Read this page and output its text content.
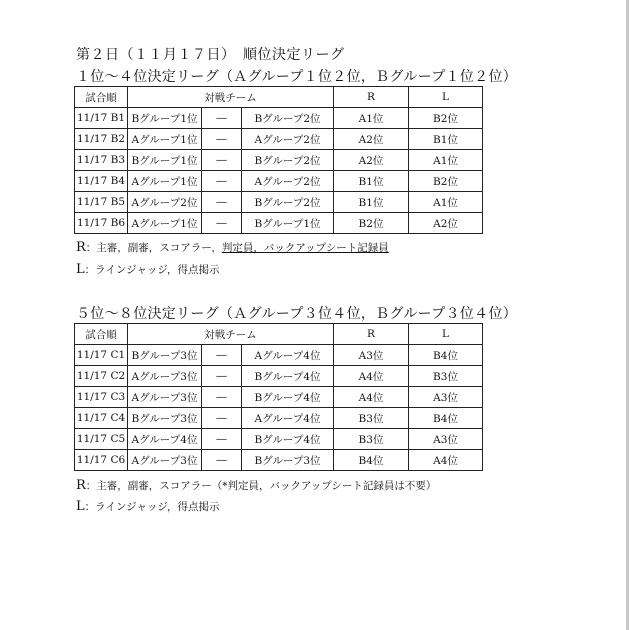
第２日（１１月１７日）　順位決定リーグ
１位～４位決定リーグ（Ａグループ１位２位，Ｂグループ１位２位）
試合順	対戦チーム			R	L
11/17 B1	Bグループ1位	―	Bグループ2位	A1位	B2位
11/17 B2	Aグループ1位	―	Aグループ2位	A2位	B1位
11/17 B3	Bグループ1位	―	Bグループ2位	A2位	A1位
11/17 B4	Aグループ1位	―	Aグループ2位	B1位	B2位
11/17 B5	Aグループ2位	―	Bグループ2位	B1位	A1位
11/17 B6	Aグループ1位	―	Bグループ1位	B2位	A2位
R：主審，副審，スコアラー，判定員，バックアップシート記録員
L：ラインジャッジ，得点掲示
５位～８位決定リーグ（Ａグループ３位４位，Ｂグループ３位４位）
試合順	対戦チーム			R	L
11/17 C1	Bグループ3位	―	Aグループ4位	A3位	B4位
11/17 C2	Aグループ3位	―	Bグループ4位	A4位	B3位
11/17 C3	Aグループ3位	―	Bグループ4位	A4位	A3位
11/17 C4	Bグループ3位	―	Aグループ4位	B3位	B4位
11/17 C5	Aグループ4位	―	Bグループ4位	B3位	A3位
11/17 C6	Aグループ3位	―	Bグループ3位	B4位	A4位
R：主審，副審，スコアラー（*判定員，バックアップシート記録員は不要）
L：ラインジャッジ，得点掲示
